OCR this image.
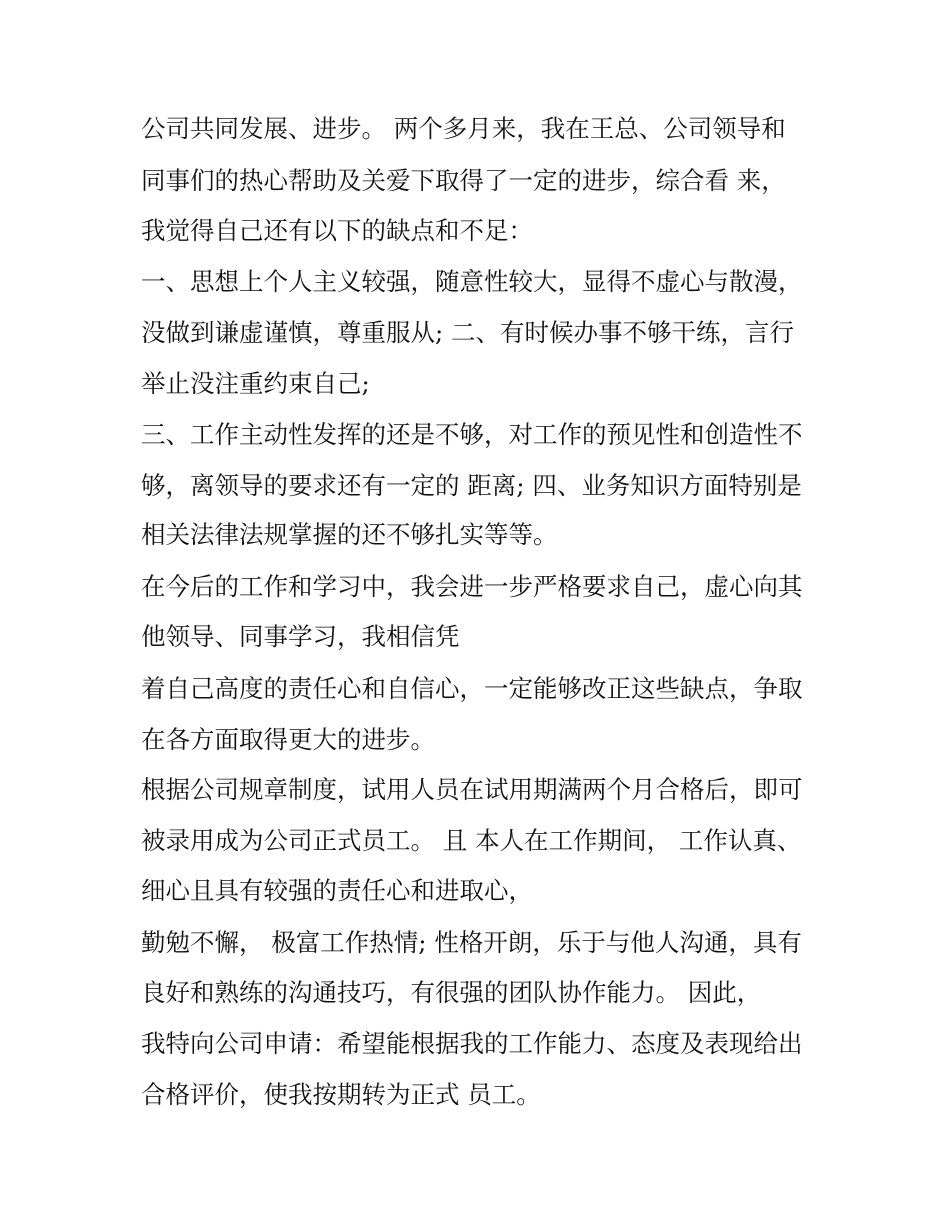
公司共同发展、进步。 两个多月来，我在王总、公司领导和
同事们的热心帮助及关爱下取得了一定的进步，综合看 来，
我觉得自己还有以下的缺点和不足：
一、思想上个人主义较强，随意性较大，显得不虚心与散漫，
没做到谦虚谨慎，尊重服从; 二、有时候办事不够干练，言行
举止没注重约束自己;
三、工作主动性发挥的还是不够，对工作的预见性和创造性不
够，离领导的要求还有一定的 距离; 四、业务知识方面特别是
相关法律法规掌握的还不够扎实等等。
在今后的工作和学习中，我会进一步严格要求自己，虚心向其
他领导、同事学习，我相信凭
着自己高度的责任心和自信心，一定能够改正这些缺点，争取
在各方面取得更大的进步。
根据公司规章制度，试用人员在试用期满两个月合格后，即可
被录用成为公司正式员工。 且 本人在工作期间， 工作认真、
细心且具有较强的责任心和进取心，
勤勉不懈， 极富工作热情; 性格开朗，乐于与他人沟通，具有
良好和熟练的沟通技巧，有很强的团队协作能力。 因此，
我特向公司申请：希望能根据我的工作能力、态度及表现给出
合格评价，使我按期转为正式 员工。
